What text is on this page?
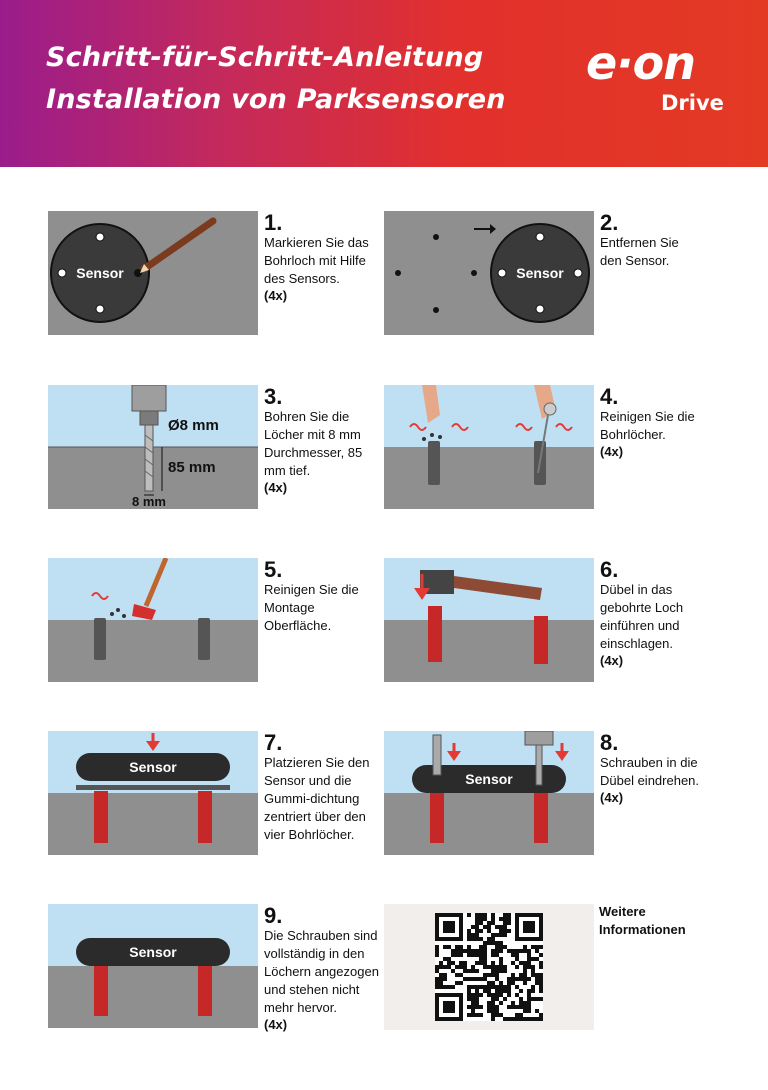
Schritt-für-Schritt-Anleitung
Installation von Parksensoren
e·on
Drive
Sensor
1.
Markieren Sie das
Bohrloch mit Hilfe
des Sensors.
(4x)
Sensor
2.
Entfernen Sie
den Sensor.
Ø8 mm
85 mm
8 mm
3.
Bohren Sie die
Löcher mit 8 mm
Durchmesser, 85
mm tief.
(4x)
4.
Reinigen Sie die
Bohrlöcher.
(4x)
5.
Reinigen Sie die
Montage
Oberfläche.
6.
Dübel in das
gebohrte Loch
einführen und
einschlagen.
(4x)
Sensor
7.
Platzieren Sie den
Sensor und die
Gummi-dichtung
zentriert über den
vier Bohrlöcher.
Sensor
8.
Schrauben in die
Dübel eindrehen.
(4x)
Sensor
9.
Die Schrauben sind
vollständig in den
Löchern angezogen
und stehen nicht
mehr hervor.
(4x)
Weitere
Informationen
